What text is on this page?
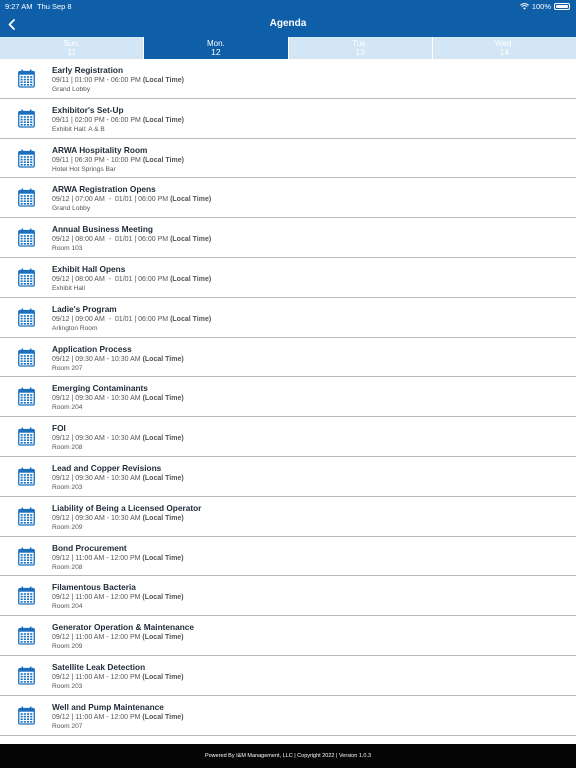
9:27 AM Thu Sep 8	100%
Agenda
Sun.
11
Mon.
12
Tue.
13
Wed.
14
Early Registration
09/11 | 01:00 PM - 06:00 PM (Local Time)
Grand Lobby
Exhibitor's Set-Up
09/11 | 02:00 PM - 06:00 PM (Local Time)
Exhibit Hall: A & B
ARWA Hospitality Room
09/11 | 06:30 PM - 10:00 PM (Local Time)
Hotel Hot Springs Bar
ARWA Registration Opens
09/12 | 07:00 AM  -  01/01 | 06:00 PM (Local Time)
Grand Lobby
Annual Business Meeting
09/12 | 08:00 AM  -  01/01 | 06:00 PM (Local Time)
Room 103
Exhibit Hall Opens
09/12 | 08:00 AM  -  01/01 | 06:00 PM (Local Time)
Exhibit Hall
Ladie's Program
09/12 | 09:00 AM  -  01/01 | 06:00 PM (Local Time)
Arlington Room
Application Process
09/12 | 09:30 AM - 10:30 AM (Local Time)
Room 207
Emerging Contaminants
09/12 | 09:30 AM - 10:30 AM (Local Time)
Room 204
FOI
09/12 | 09:30 AM - 10:30 AM (Local Time)
Room 208
Lead and Copper Revisions
09/12 | 09:30 AM - 10:30 AM (Local Time)
Room 203
Liability of Being a Licensed Operator
09/12 | 09:30 AM - 10:30 AM (Local Time)
Room 209
Bond Procurement
09/12 | 11:00 AM - 12:00 PM (Local Time)
Room 208
Filamentous Bacteria
09/12 | 11:00 AM - 12:00 PM (Local Time)
Room 204
Generator Operation & Maintenance
09/12 | 11:00 AM - 12:00 PM (Local Time)
Room 209
Satellite Leak Detection
09/12 | 11:00 AM - 12:00 PM (Local Time)
Room 203
Well and Pump Maintenance
09/12 | 11:00 AM - 12:00 PM (Local Time)
Room 207
Powered By I&M Management, LLC | Copyright 2022 | Version 1.0.3
